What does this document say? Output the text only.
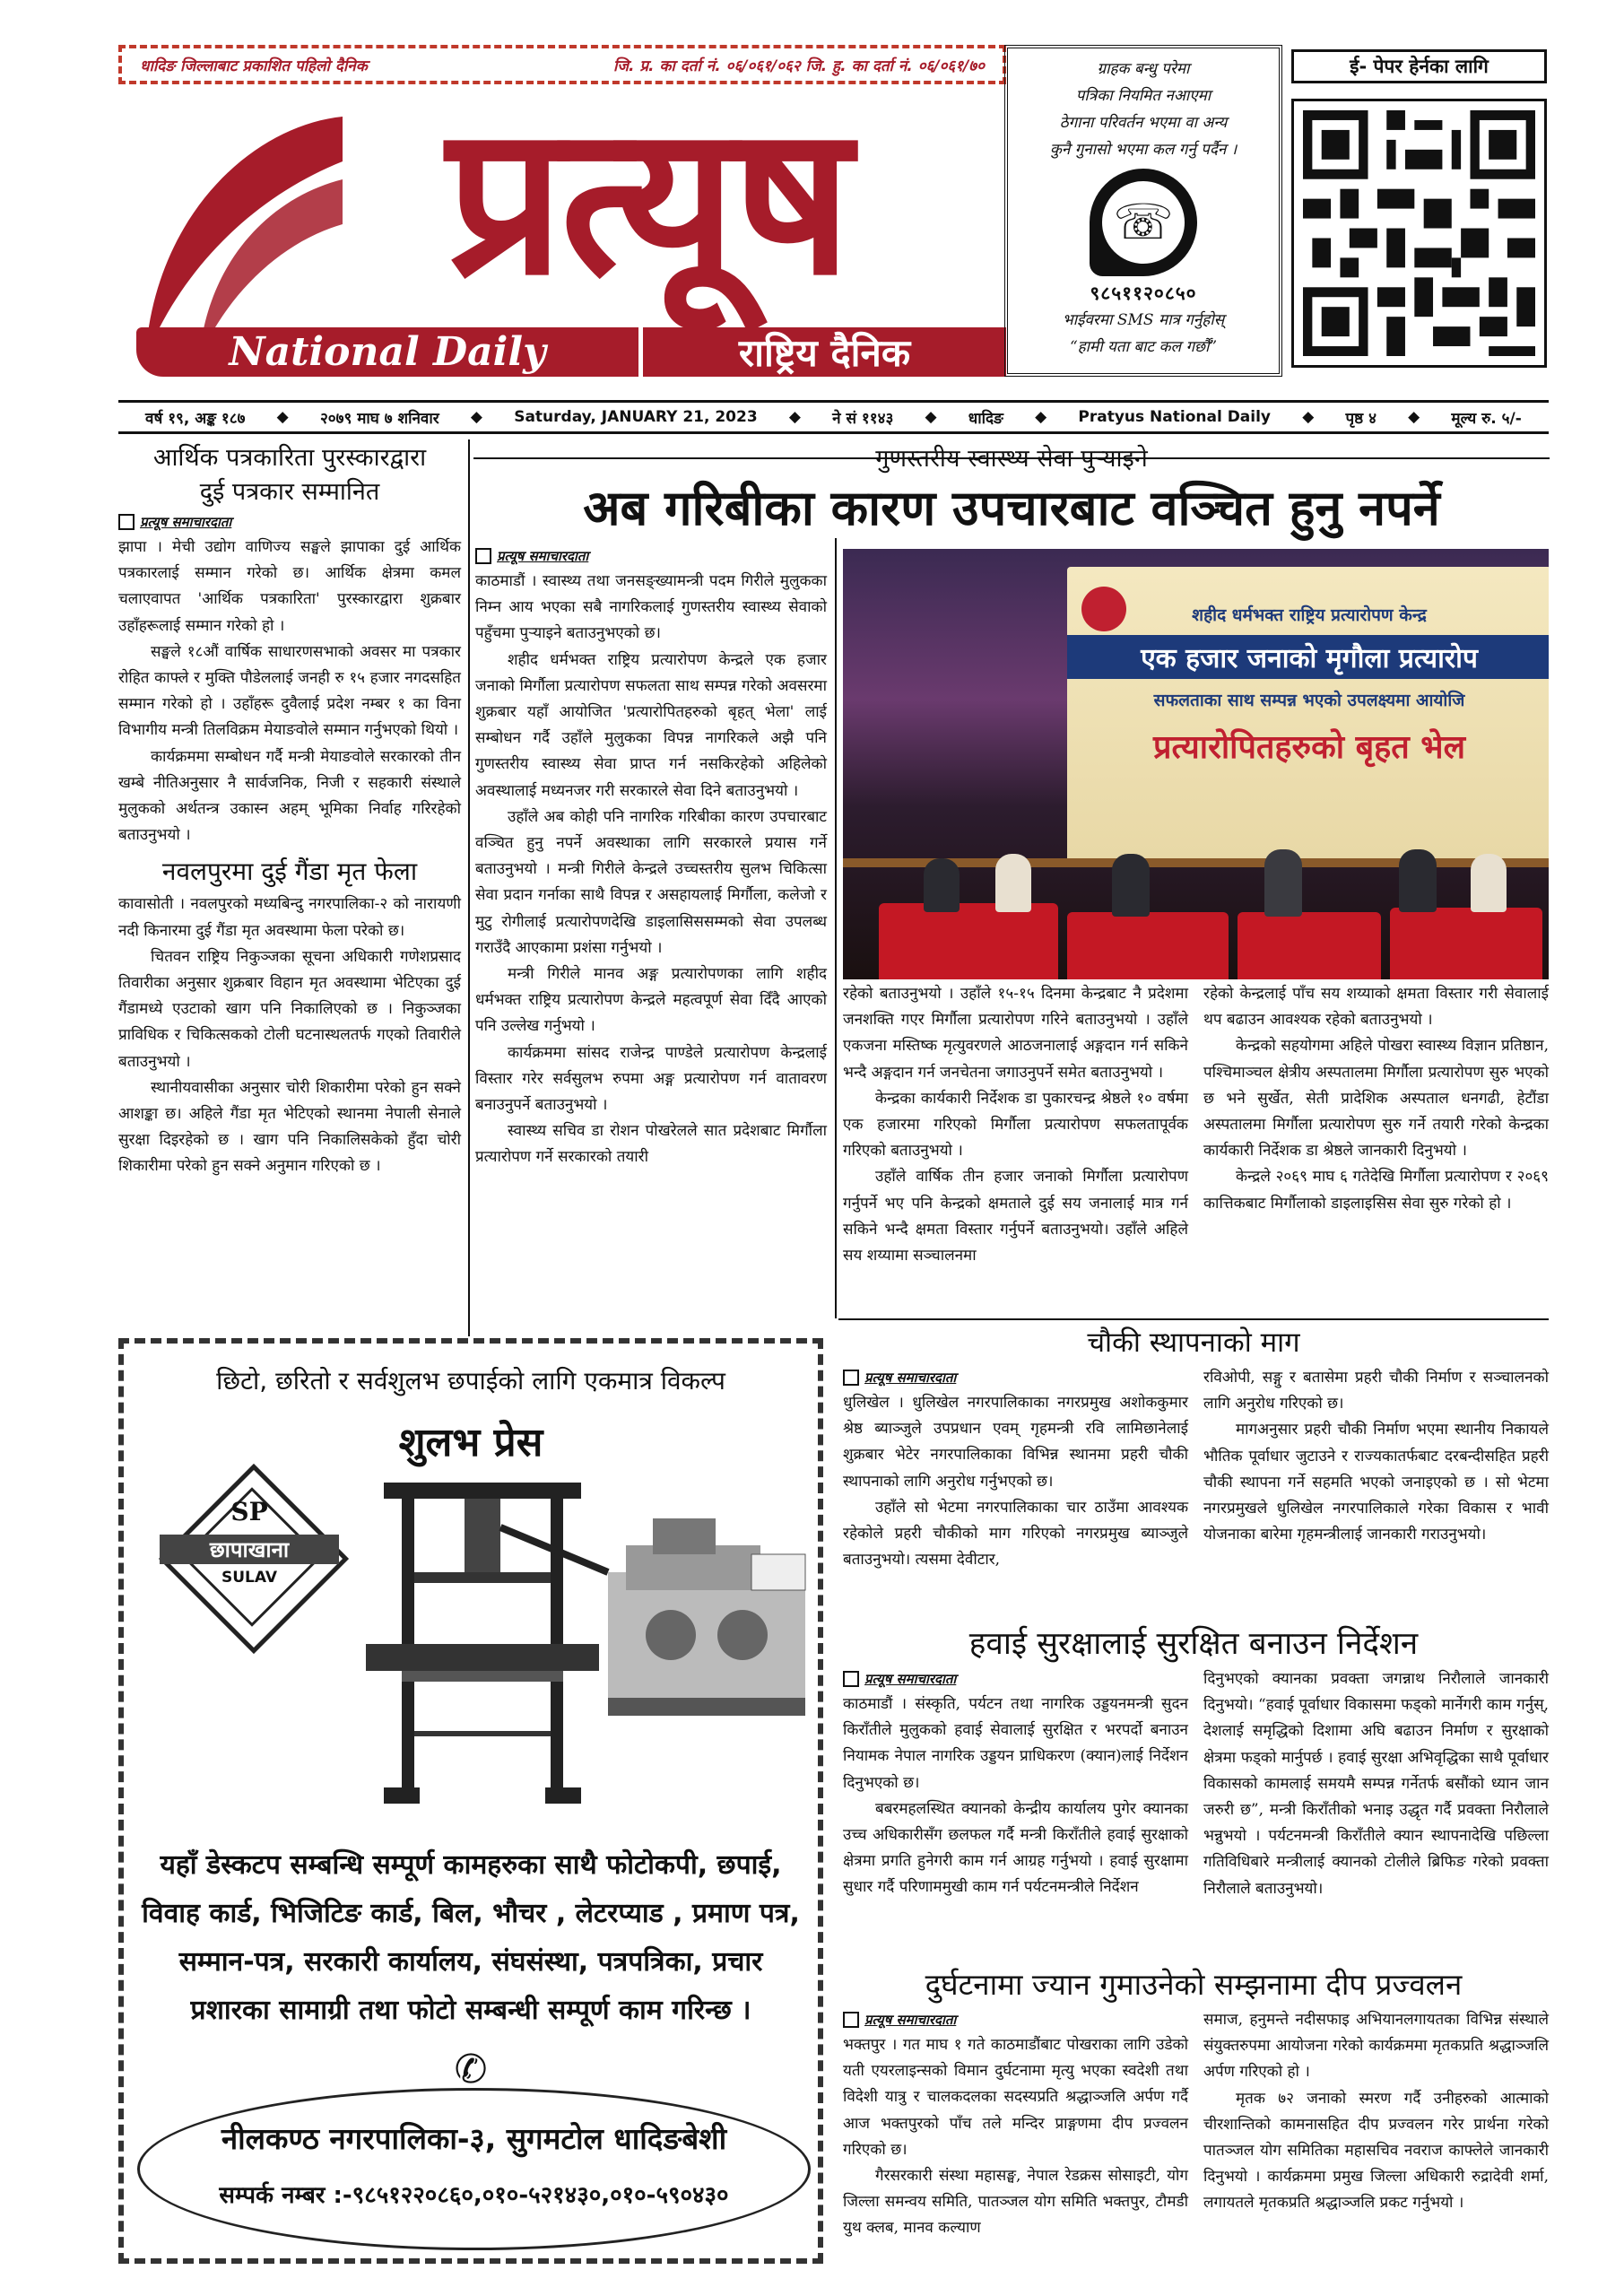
धादिङ जिल्लाबाट प्रकाशित पहिलो दैनिक	जि. प्र. का दर्ता नं. ०६/०६१/०६२ जि. हु. का दर्ता नं. ०६/०६१/७०
प्रत्यूष
National Daily	राष्ट्रिय दैनिक
ग्राहक बन्धु परेमा
पत्रिका नियमित नआएमा
ठेगाना परिवर्तन भएमा वा अन्य
कुनै गुनासो भएमा कल गर्नु पर्दैन ।
☏
९८५११२०८५०
भाईवरमा SMS मात्र गर्नुहोस्
“हामी यता बाट कल गर्छौं”
ई- पेपर हेर्नका लागि
वर्ष १९, अङ्क १८७ ◆ २०७९ माघ ७ शनिवार ◆ Saturday, JANUARY 21, 2023 ◆ ने सं ११४३ ◆ धादिङ ◆ Pratyus National Daily ◆ पृष्ठ ४ ◆ मूल्य रु. ५/-
आर्थिक पत्रकारिता पुरस्कारद्वारा
दुई पत्रकार सम्मानित
प्रत्यूष समाचारदाता

झापा । मेची उद्योग वाणिज्य सङ्घले झापाका दुई आर्थिक पत्रकारलाई सम्मान गरेको छ। आर्थिक क्षेत्रमा कमल चलाएवापत 'आर्थिक पत्रकारिता' पुरस्कारद्वारा शुक्रबार उहाँहरूलाई सम्मान गरेको हो ।

सङ्घले १८औं वार्षिक साधारणसभाको अवसर मा पत्रकार रोहित काफ्ले र मुक्ति पौडेललाई जनही रु १५ हजार नगदसहित सम्मान गरेको हो । उहाँहरू दुवैलाई प्रदेश नम्बर १ का विना विभागीय मन्त्री तिलविक्रम मेयाङवोले सम्मान गर्नुभएको थियो ।

कार्यक्रममा सम्बोधन गर्दै मन्त्री मेयाङवोले सरकारको तीन खम्बे नीतिअनुसार नै सार्वजनिक, निजी र सहकारी संस्थाले मुलुकको अर्थतन्त्र उकास्न अहम् भूमिका निर्वाह गरिरहेको बताउनुभयो ।

नवलपुरमा दुई गैंडा मृत फेला

कावासोती । नवलपुरको मध्यबिन्दु नगरपालिका-२ को नारायणी नदी किनारमा दुई गैंडा मृत अवस्थामा फेला परेको छ।

चितवन राष्ट्रिय निकुञ्जका सूचना अधिकारी गणेशप्रसाद तिवारीका अनुसार शुक्रबार विहान मृत अवस्थामा भेटिएका दुई गैंडामध्ये एउटाको खाग पनि निकालिएको छ । निकुञ्जका प्राविधिक र चिकित्सकको टोली घटनास्थलतर्फ गएको तिवारीले बताउनुभयो ।

स्थानीयवासीका अनुसार चोरी शिकारीमा परेको हुन सक्ने आशङ्का छ। अहिले गैंडा मृत भेटिएको स्थानमा नेपाली सेनाले सुरक्षा दिइरहेको छ । खाग पनि निकालिसकेको हुँदा चोरी शिकारीमा परेको हुन सक्ने अनुमान गरिएको छ ।

गुणस्तरीय स्वास्थ्य सेवा पुर्‍याइने
अब गरिबीका कारण उपचारबाट वञ्चित हुनु नपर्ने
प्रत्यूष समाचारदाता

काठमाडौं । स्वास्थ्य तथा जनसङ्ख्यामन्त्री पदम गिरीले मुलुकका निम्न आय भएका सबै नागरिकलाई गुणस्तरीय स्वास्थ्य सेवाको पहुँचमा पुर्‍याइने बताउनुभएको छ।

शहीद धर्मभक्त राष्ट्रिय प्रत्यारोपण केन्द्रले एक हजार जनाको मिर्गौला प्रत्यारोपण सफलता साथ सम्पन्न गरेको अवसरमा शुक्रबार यहाँ आयोजित 'प्रत्यारोपितहरुको बृहत् भेला' लाई सम्बोधन गर्दै उहाँले मुलुकका विपन्न नागरिकले अझै पनि गुणस्तरीय स्वास्थ्य सेवा प्राप्त गर्न नसकिरहेको अहिलेको अवस्थालाई मध्यनजर गरी सरकारले सेवा दिने बताउनुभयो ।

उहाँले अब कोही पनि नागरिक गरिबीका कारण उपचारबाट वञ्चित हुनु नपर्ने अवस्थाका लागि सरकारले प्रयास गर्ने बताउनुभयो । मन्त्री गिरीले केन्द्रले उच्चस्तरीय सुलभ चिकित्सा सेवा प्रदान गर्नाका साथै विपन्न र असहायलाई मिर्गौला, कलेजो र मुटु रोगीलाई प्रत्यारोपणदेखि डाइलासिससम्मको सेवा उपलब्ध गराउँदै आएकामा प्रशंसा गर्नुभयो ।

मन्त्री गिरीले मानव अङ्ग प्रत्यारोपणका लागि शहीद धर्मभक्त राष्ट्रिय प्रत्यारोपण केन्द्रले महत्वपूर्ण सेवा दिँदै आएको पनि उल्लेख गर्नुभयो ।

कार्यक्रममा सांसद राजेन्द्र पाण्डेले प्रत्यारोपण केन्द्रलाई विस्तार गरेर सर्वसुलभ रुपमा अङ्ग प्रत्यारोपण गर्न वातावरण बनाउनुपर्ने बताउनुभयो ।

स्वास्थ्य सचिव डा रोशन पोखरेलले सात प्रदेशबाट मिर्गौला प्रत्यारोपण गर्ने सरकारको तयारी

शहीद धर्मभक्त राष्ट्रिय प्रत्यारोपण केन्द्र
एक हजार जनाको मृगौला प्रत्यारोप
सफलताका साथ सम्पन्न भएको उपलक्ष्यमा आयोजि
प्रत्यारोपितहरुको बृहत भेल

रहेको बताउनुभयो । उहाँले १५-१५ दिनमा केन्द्रबाट नै प्रदेशमा जनशक्ति गएर मिर्गौला प्रत्यारोपण गरिने बताउनुभयो । उहाँले एकजना मस्तिष्क मृत्युवरणले आठजनालाई अङ्गदान गर्न सकिने भन्दै अङ्गदान गर्न जनचेतना जगाउनुपर्ने समेत बताउनुभयो ।

केन्द्रका कार्यकारी निर्देशक डा पुकारचन्द्र श्रेष्ठले १० वर्षमा एक हजारमा गरिएको मिर्गौला प्रत्यारोपण सफलतापूर्वक गरिएको बताउनुभयो ।

उहाँले वार्षिक तीन हजार जनाको मिर्गौला प्रत्यारोपण गर्नुपर्ने भए पनि केन्द्रको क्षमताले दुई सय जनालाई मात्र गर्न सकिने भन्दै क्षमता विस्तार गर्नुपर्ने बताउनुभयो। उहाँले अहिले सय शय्यामा सञ्चालनमा

रहेको केन्द्रलाई पाँच सय शय्याको क्षमता विस्तार गरी सेवालाई थप बढाउन आवश्यक रहेको बताउनुभयो ।

केन्द्रको सहयोगमा अहिले पोखरा स्वास्थ्य विज्ञान प्रतिष्ठान, पश्चिमाञ्चल क्षेत्रीय अस्पतालमा मिर्गौला प्रत्यारोपण सुरु भएको छ भने सुर्खेत, सेती प्रादेशिक अस्पताल धनगढी, हेटौंडा अस्पतालमा मिर्गौला प्रत्यारोपण सुरु गर्ने तयारी गरेको केन्द्रका कार्यकारी निर्देशक डा श्रेष्ठले जानकारी दिनुभयो ।

केन्द्रले २०६९ माघ ६ गतेदेखि मिर्गौला प्रत्यारोपण र २०६९ कात्तिकबाट मिर्गौलाको डाइलाइसिस सेवा सुरु गरेको हो ।

चौकी स्थापनाको माग
प्रत्यूष समाचारदाता

धुलिखेल । धुलिखेल नगरपालिकाका नगरप्रमुख अशोककुमार श्रेष्ठ ब्याञ्जुले उपप्रधान एवम् गृहमन्त्री रवि लामिछानेलाई शुक्रबार भेटेर नगरपालिकाका विभिन्न स्थानमा प्रहरी चौकी स्थापनाको लागि अनुरोध गर्नुभएको छ।

उहाँले सो भेटमा नगरपालिकाका चार ठाउँमा आवश्यक रहेकोले प्रहरी चौकीको माग गरिएको नगरप्रमुख ब्याञ्जुले बताउनुभयो। त्यसमा देवीटार,

रविओपी, सङ्गु र बतासेमा प्रहरी चौकी निर्माण र सञ्चालनको लागि अनुरोध गरिएको छ।

मागअनुसार प्रहरी चौकी निर्माण भएमा स्थानीय निकायले भौतिक पूर्वाधार जुटाउने र राज्यकातर्फबाट दरबन्दीसहित प्रहरी चौकी स्थापना गर्ने सहमति भएको जनाइएको छ । सो भेटमा नगरप्रमुखले धुलिखेल नगरपालिकाले गरेका विकास र भावी योजनाका बारेमा गृहमन्त्रीलाई जानकारी गराउनुभयो।

हवाई सुरक्षालाई सुरक्षित बनाउन निर्देशन
प्रत्यूष समाचारदाता

काठमाडौं । संस्कृति, पर्यटन तथा नागरिक उड्डयनमन्त्री सुदन किराँतीले मुलुकको हवाई सेवालाई सुरक्षित र भरपर्दो बनाउन नियामक नेपाल नागरिक उड्डयन प्राधिकरण (क्यान)लाई निर्देशन दिनुभएको छ।

बबरमहलस्थित क्यानको केन्द्रीय कार्यालय पुगेर क्यानका उच्च अधिकारीसँग छलफल गर्दै मन्त्री किराँतीले हवाई सुरक्षाको क्षेत्रमा प्रगति हुनेगरी काम गर्न आग्रह गर्नुभयो । हवाई सुरक्षामा सुधार गर्दै परिणाममुखी काम गर्न पर्यटनमन्त्रीले निर्देशन

दिनुभएको क्यानका प्रवक्ता जगन्नाथ निरौलाले जानकारी दिनुभयो। “हवाई पूर्वाधार विकासमा फड्को मार्नेगरी काम गर्नुस्, देशलाई समृद्धिको दिशामा अघि बढाउन निर्माण र सुरक्षाको क्षेत्रमा फड्को मार्नुपर्छ । हवाई सुरक्षा अभिवृद्धिका साथै पूर्वाधार विकासको कामलाई समयमै सम्पन्न गर्नेतर्फ बसौंको ध्यान जान जरुरी छ”, मन्त्री किराँतीको भनाइ उद्धृत गर्दै प्रवक्ता निरौलाले भन्नुभयो । पर्यटनमन्त्री किराँतीले क्यान स्थापनादेखि पछिल्ला गतिविधिबारे मन्त्रीलाई क्यानको टोलीले ब्रिफिङ गरेको प्रवक्ता निरौलाले बताउनुभयो।

दुर्घटनामा ज्यान गुमाउनेको सम्झनामा दीप प्रज्वलन
प्रत्यूष समाचारदाता

भक्तपुर । गत माघ १ गते काठमाडौंबाट पोखराका लागि उडेको यती एयरलाइन्सको विमान दुर्घटनामा मृत्यु भएका स्वदेशी तथा विदेशी यात्रु र चालकदलका सदस्यप्रति श्रद्धाञ्जलि अर्पण गर्दै आज भक्तपुरको पाँच तले मन्दिर प्राङ्गणमा दीप प्रज्वलन गरिएको छ।

गैरसरकारी संस्था महासङ्घ, नेपाल रेडक्रस सोसाइटी, योग जिल्ला समन्वय समिति, पातञ्जल योग समिति भक्तपुर, टौमडी युथ क्लब, मानव कल्याण

समाज, हनुमन्ते नदीसफाइ अभियानलगायतका विभिन्न संस्थाले संयुक्तरुपमा आयोजना गरेको कार्यक्रममा मृतकप्रति श्रद्धाञ्जलि अर्पण गरिएको हो ।

मृतक ७२ जनाको स्मरण गर्दै उनीहरुको आत्माको चीरशान्तिको कामनासहित दीप प्रज्वलन गरेर प्रार्थना गरेको पातञ्जल योग समितिका महासचिव नवराज काफ्लेले जानकारी दिनुभयो । कार्यक्रममा प्रमुख जिल्ला अधिकारी रुद्रादेवी शर्मा, लगायतले मृतकप्रति श्रद्धाञ्जलि प्रकट गर्नुभयो ।

छिटो, छरितो र सर्वशुलभ छपाईको लागि एकमात्र विकल्प
शुलभ प्रेस
SP
छापाखाना
SULAV
यहाँ डेस्कटप सम्बन्धि सम्पूर्ण कामहरुका साथै फोटोकपी, छपाई, विवाह कार्ड, भिजिटिङ कार्ड, बिल, भौचर , लेटरप्याड , प्रमाण पत्र, सम्मान-पत्र, सरकारी कार्यालय, संघसंस्था, पत्रपत्रिका, प्रचार प्रशारका सामाग्री तथा फोटो सम्बन्धी सम्पूर्ण काम गरिन्छ ।
✆
नीलकण्ठ नगरपालिका-३, सुगमटोल धादिङबेशी
सम्पर्क नम्बर :-९८५१२२०८६०,०१०-५२१४३०,०१०-५९०४३०
